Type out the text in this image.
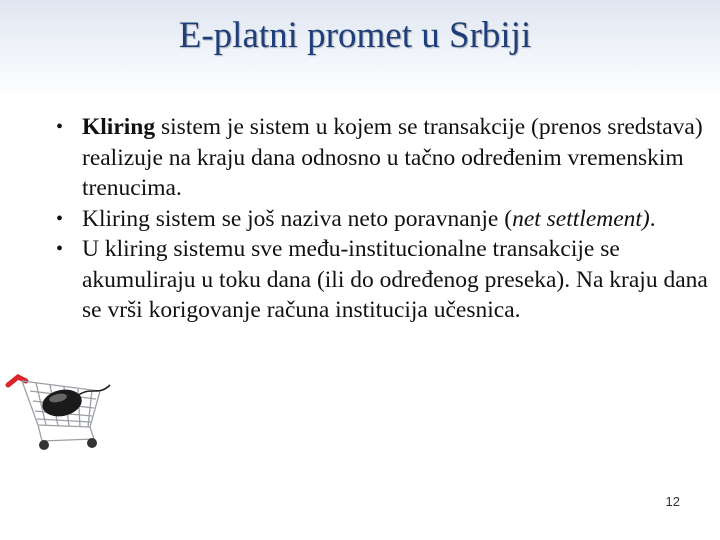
E-platni promet u Srbiji
• Kliring sistem je sistem u kojem se transakcije (prenos sredstava) realizuje na kraju dana odnosno u tačno određenim vremenskim trenucima.
• Kliring sistem se još naziva neto poravnanje (net settlement).
• U kliring sistemu sve među-institucionalne transakcije se akumuliraju u toku dana (ili do određenog preseka). Na kraju dana se vrši korigovanje računa institucija učesnica.
12
